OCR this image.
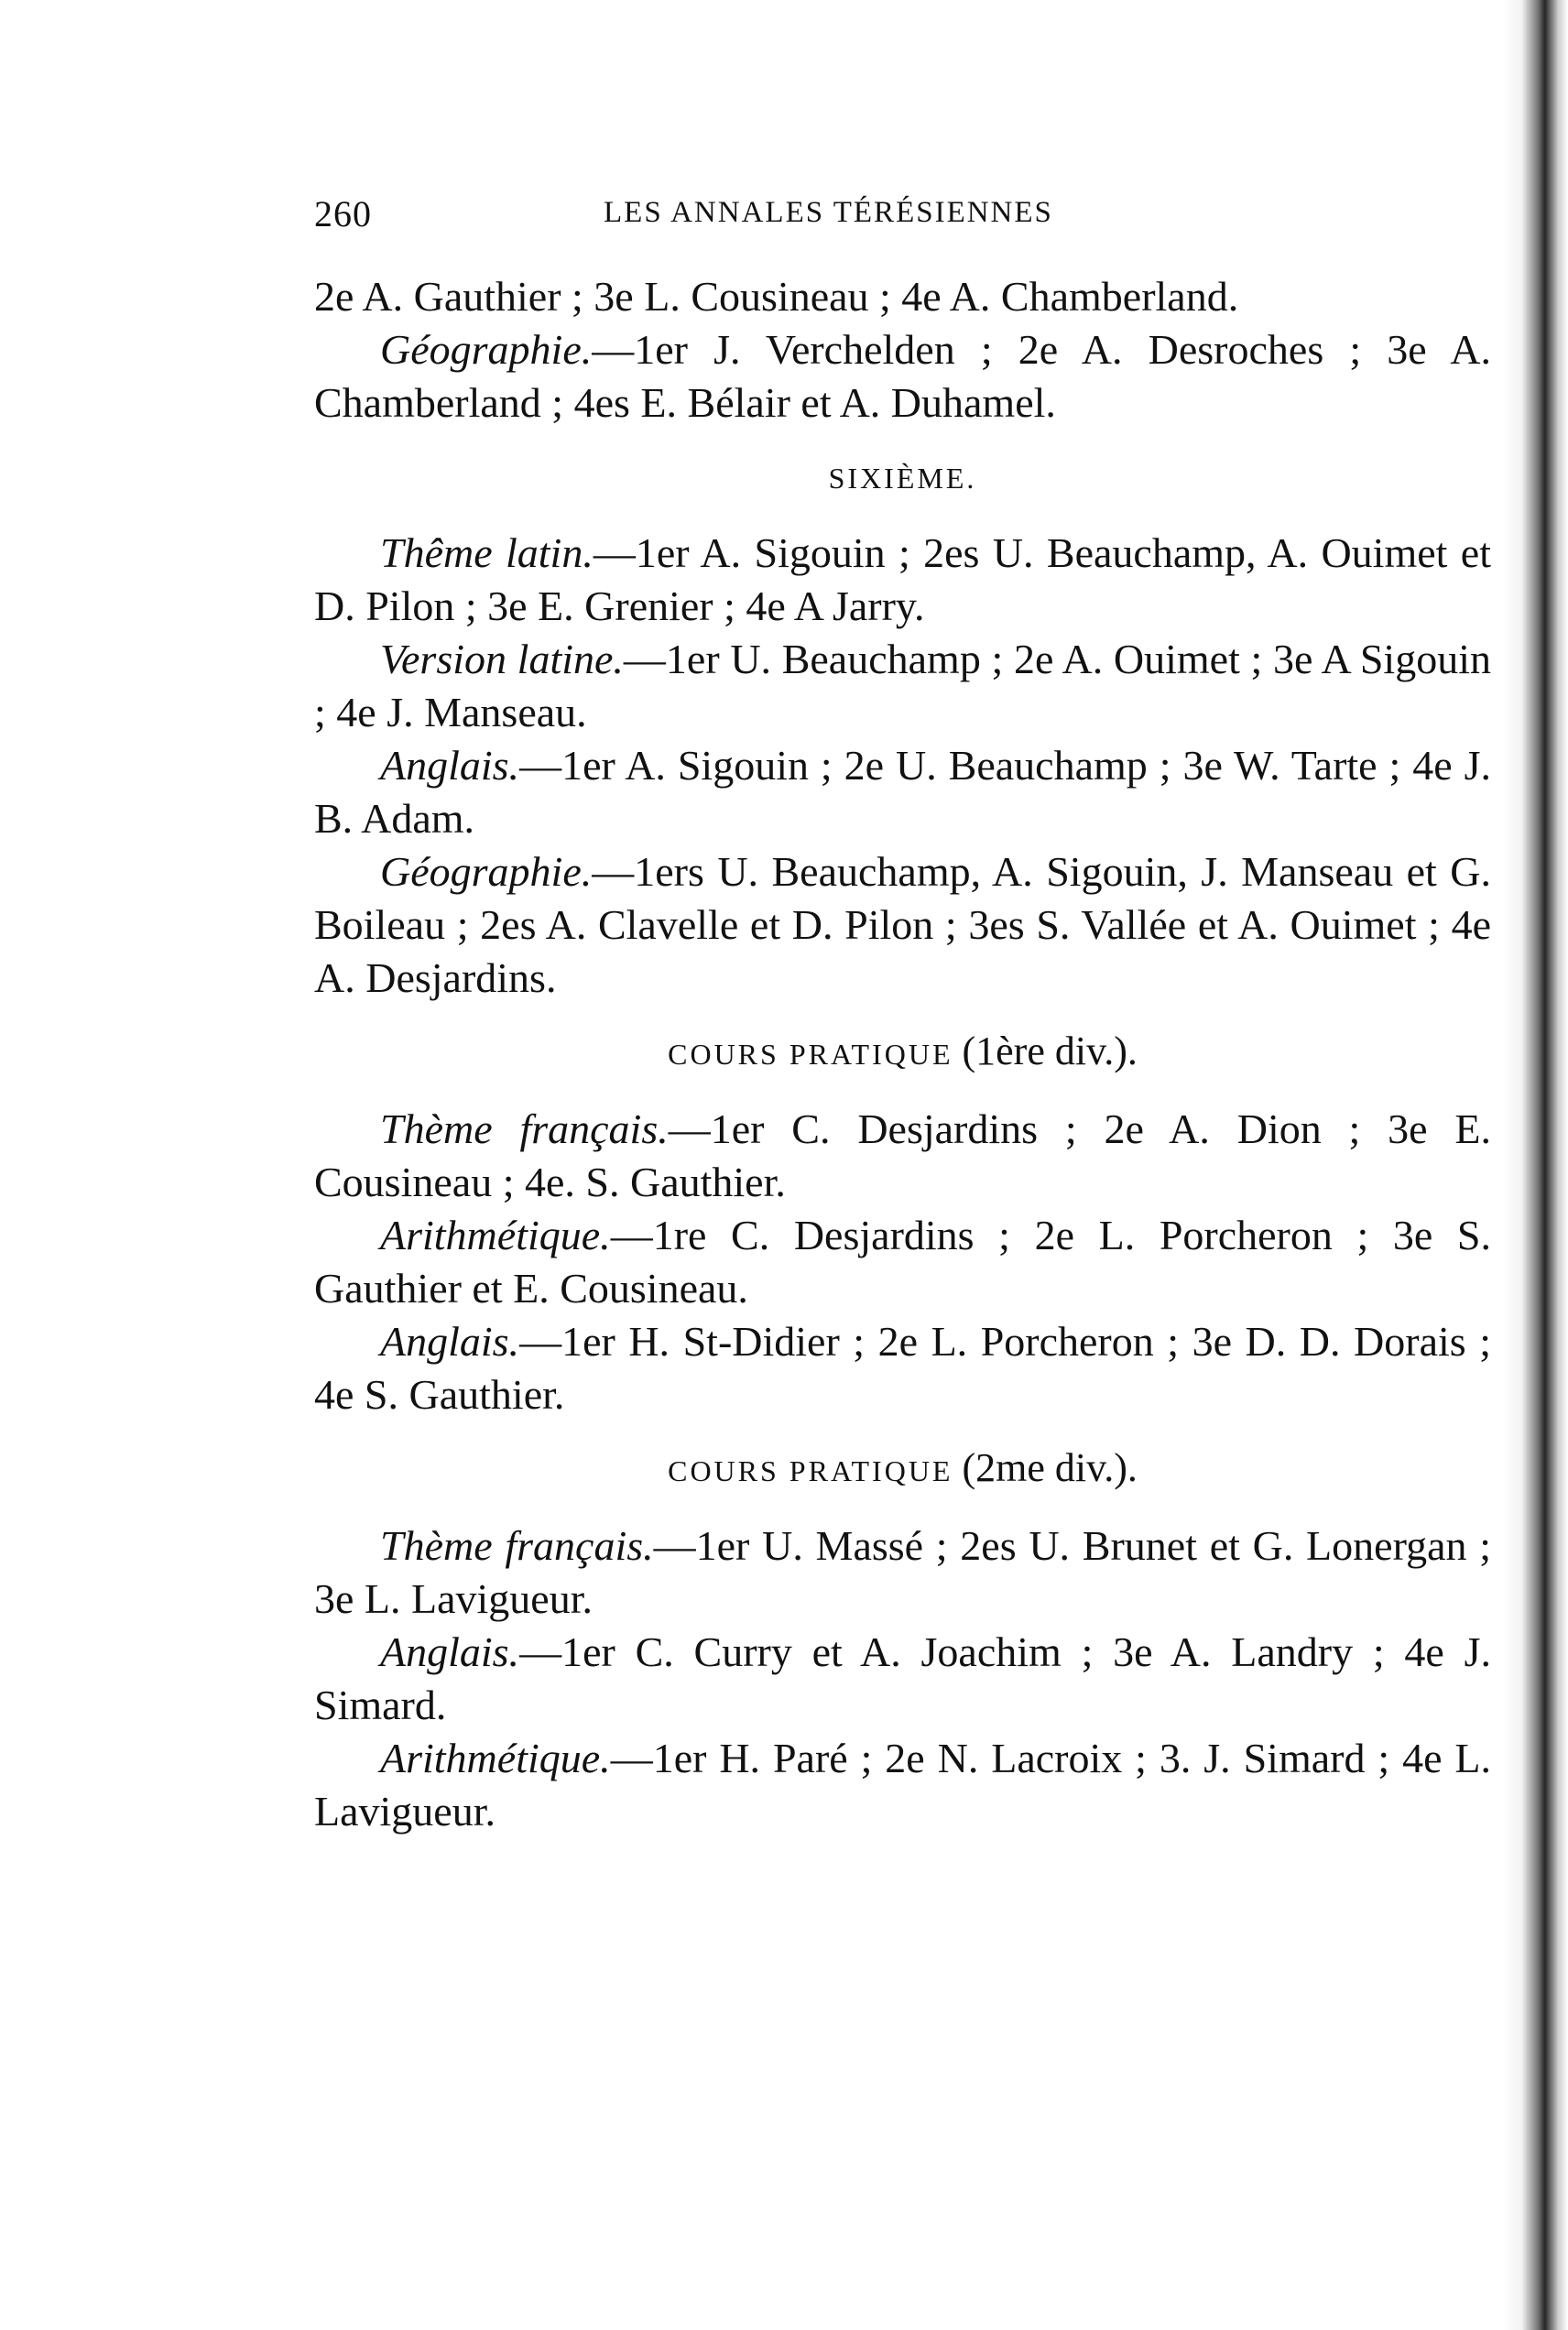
260	LES ANNALES TÉRÉSIENNES

2e A. Gauthier ; 3e L. Cousineau ; 4e A. Chamberland.

Géographie.—1er J. Verchelden ; 2e A. Desroches ; 3e A. Chamberland ; 4es E. Bélair et A. Duhamel.

SIXIÈME.

Thême latin.—1er A. Sigouin ; 2es U. Beauchamp, A. Ouimet et D. Pilon ; 3e E. Grenier ; 4e A Jarry.

Version latine.—1er U. Beauchamp ; 2e A. Ouimet ; 3e A Sigouin ; 4e J. Manseau.

Anglais.—1er A. Sigouin ; 2e U. Beauchamp ; 3e W. Tarte ; 4e J. B. Adam.

Géographie.—1ers U. Beauchamp, A. Sigouin, J. Manseau et G. Boileau ; 2es A. Clavelle et D. Pilon ; 3es S. Vallée et A. Ouimet ; 4e A. Desjardins.

COURS PRATIQUE (1ère div.).

Thème français.—1er C. Desjardins ; 2e A. Dion ; 3e E. Cousineau ; 4e. S. Gauthier.

Arithmétique.—1re C. Desjardins ; 2e L. Porcheron ; 3e S. Gauthier et E. Cousineau.

Anglais.—1er H. St-Didier ; 2e L. Porcheron ; 3e D. D. Dorais ; 4e S. Gauthier.

COURS PRATIQUE (2me div.).

Thème français.—1er U. Massé ; 2es U. Brunet et G. Lonergan ; 3e L. Lavigueur.

Anglais.—1er C. Curry et A. Joachim ; 3e A. Landry ; 4e J. Simard.

Arithmétique.—1er H. Paré ; 2e N. Lacroix ; 3. J. Simard ; 4e L. Lavigueur.
